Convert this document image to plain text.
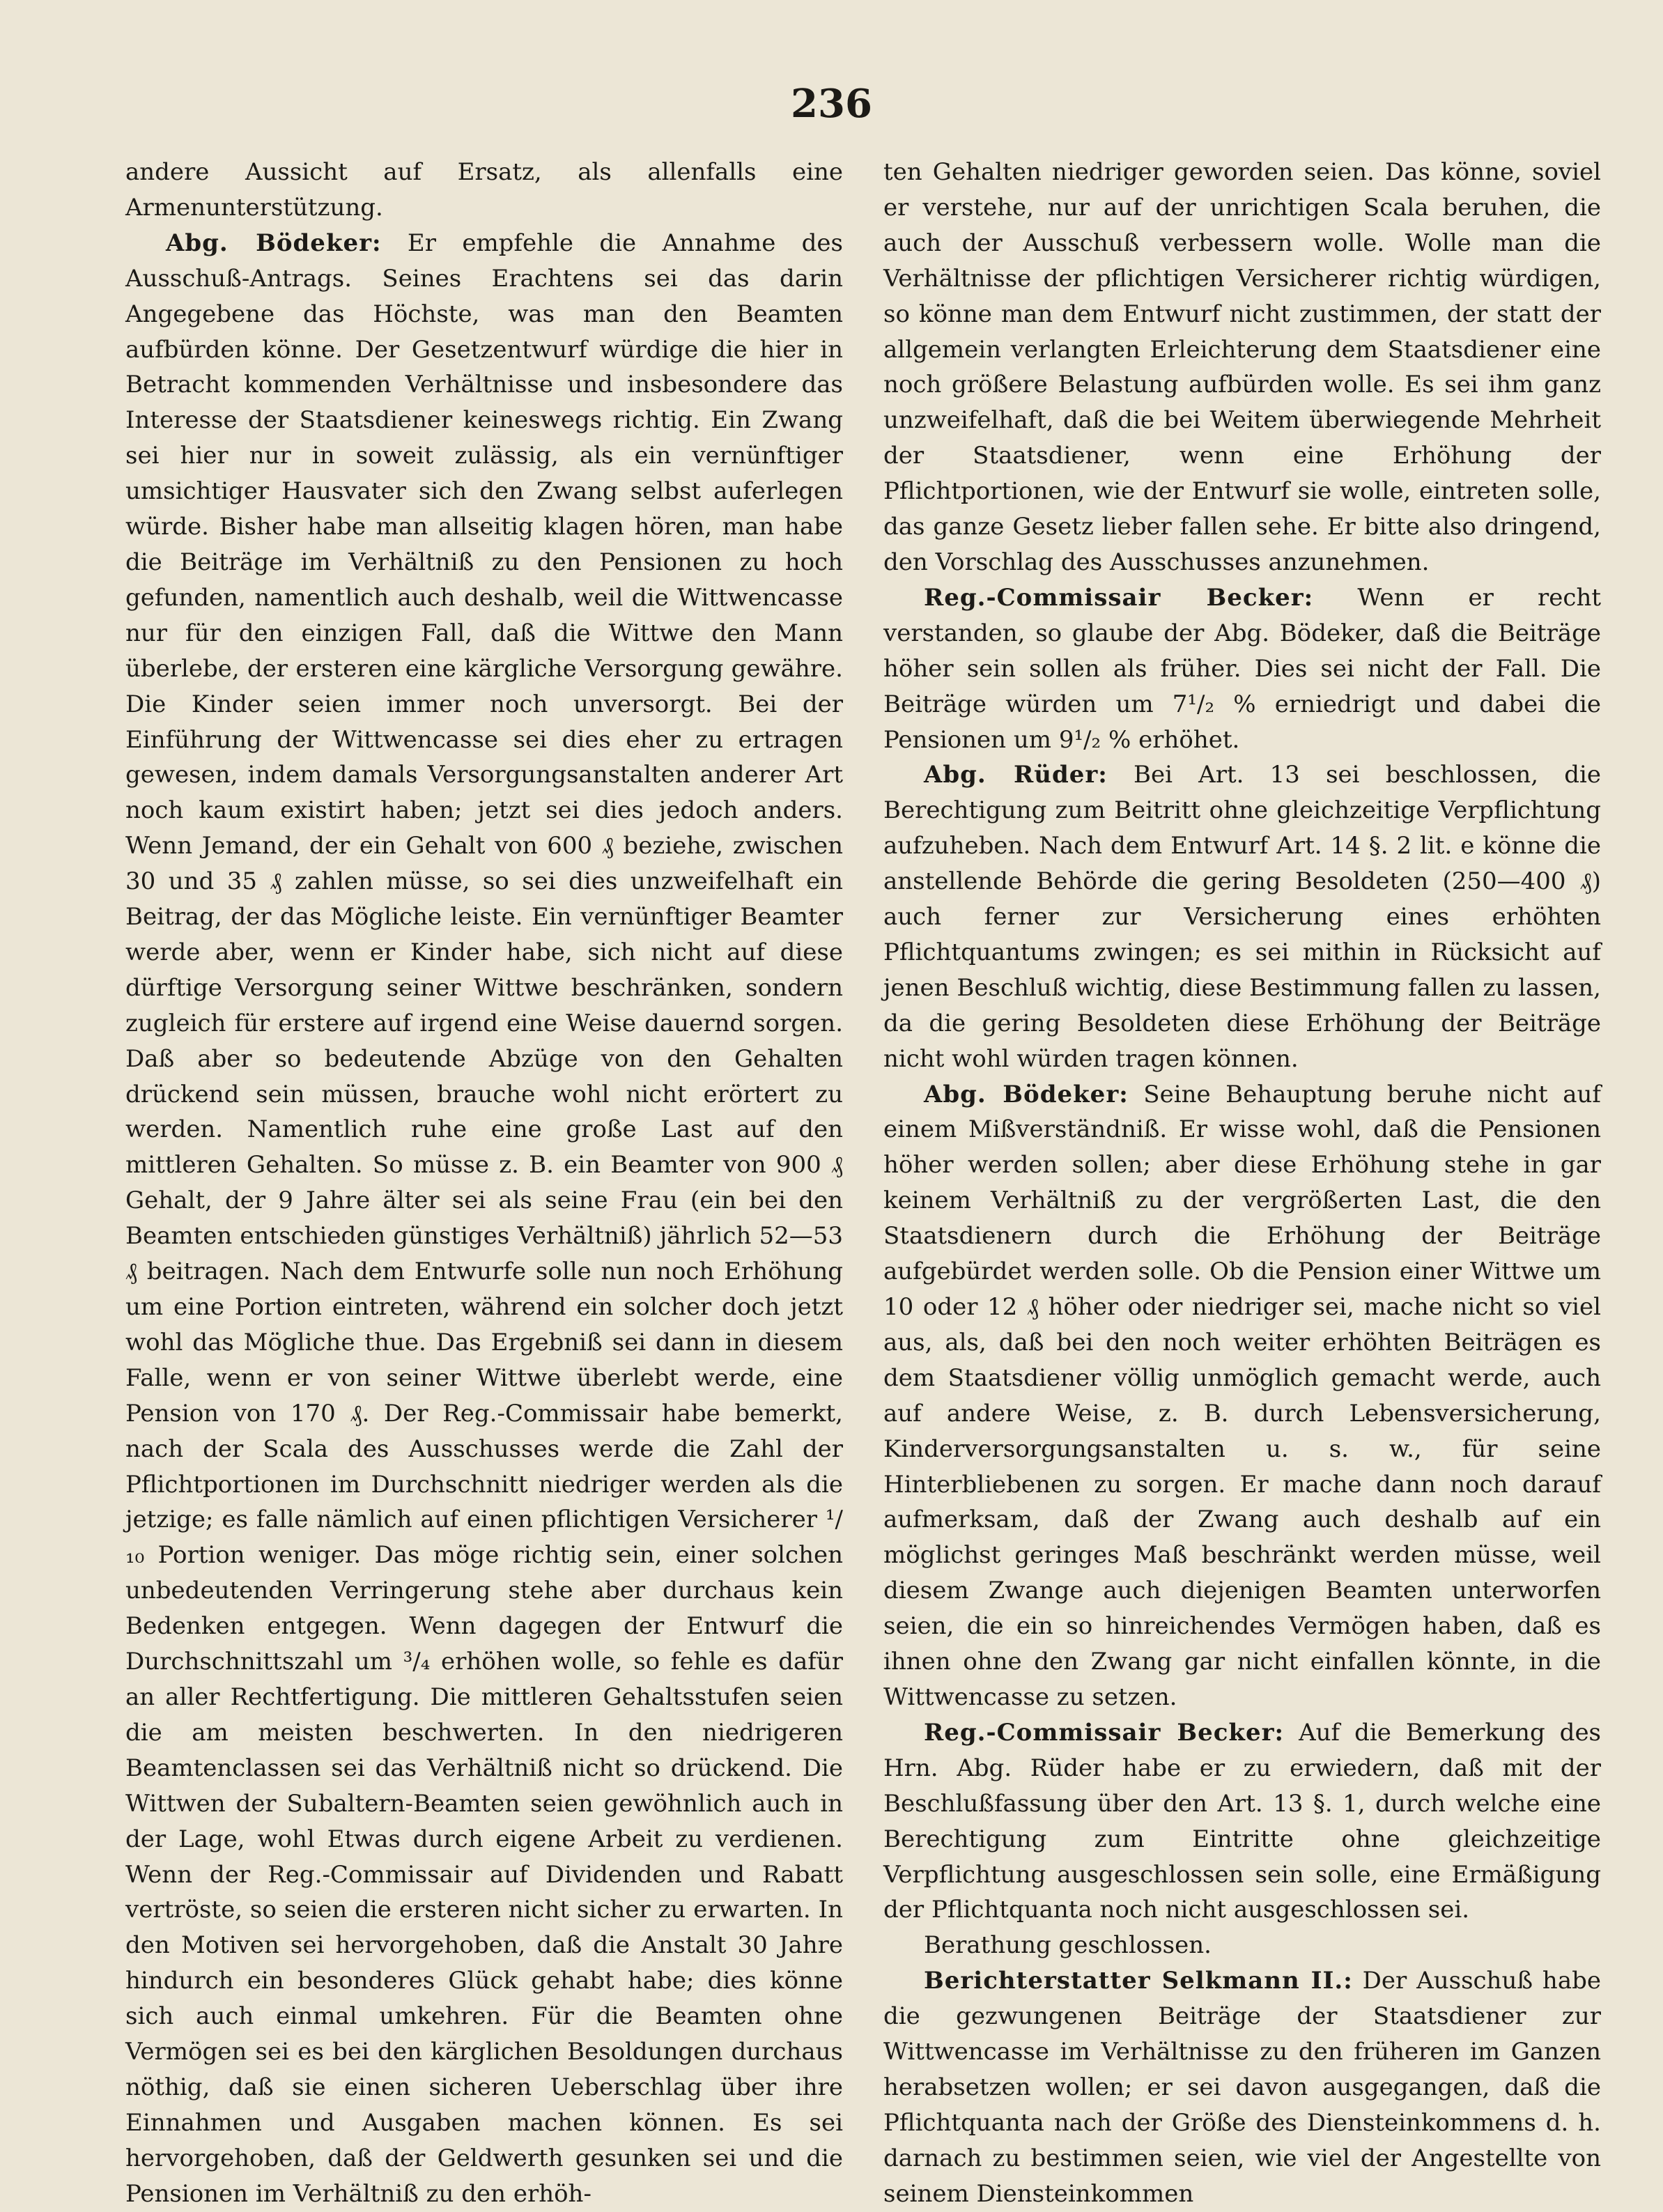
236

andere Aussicht auf Ersatz, als allenfalls eine Armenunterstützung.

Abg. Bödeker: Er empfehle die Annahme des Ausschuß-Antrags. Seines Erachtens sei das darin Angegebene das Höchste, was man den Beamten aufbürden könne. Der Gesetzentwurf würdige die hier in Betracht kommenden Verhältnisse und insbesondere das Interesse der Staatsdiener keineswegs richtig. Ein Zwang sei hier nur in soweit zulässig, als ein vernünftiger umsichtiger Hausvater sich den Zwang selbst auferlegen würde. Bisher habe man allseitig klagen hören, man habe die Beiträge im Verhältniß zu den Pensionen zu hoch gefunden, namentlich auch deshalb, weil die Wittwencasse nur für den einzigen Fall, daß die Wittwe den Mann überlebe, der ersteren eine kärgliche Versorgung gewähre. Die Kinder seien immer noch unversorgt. Bei der Einführung der Wittwencasse sei dies eher zu ertragen gewesen, indem damals Versorgungsanstalten anderer Art noch kaum existirt haben; jetzt sei dies jedoch anders. Wenn Jemand, der ein Gehalt von 600 ₰ beziehe, zwischen 30 und 35 ₰ zahlen müsse, so sei dies unzweifelhaft ein Beitrag, der das Mögliche leiste. Ein vernünftiger Beamter werde aber, wenn er Kinder habe, sich nicht auf diese dürftige Versorgung seiner Wittwe beschränken, sondern zugleich für erstere auf irgend eine Weise dauernd sorgen. Daß aber so bedeutende Abzüge von den Gehalten drückend sein müssen, brauche wohl nicht erörtert zu werden. Namentlich ruhe eine große Last auf den mittleren Gehalten. So müsse z. B. ein Beamter von 900 ₰ Gehalt, der 9 Jahre älter sei als seine Frau (ein bei den Beamten entschieden günstiges Verhältniß) jährlich 52—53 ₰ beitragen. Nach dem Entwurfe solle nun noch Erhöhung um eine Portion eintreten, während ein solcher doch jetzt wohl das Mögliche thue. Das Ergebniß sei dann in diesem Falle, wenn er von seiner Wittwe überlebt werde, eine Pension von 170 ₰. Der Reg.-Commissair habe bemerkt, nach der Scala des Ausschusses werde die Zahl der Pflichtportionen im Durchschnitt niedriger werden als die jetzige; es falle nämlich auf einen pflichtigen Versicherer ¹/₁₀ Portion weniger. Das möge richtig sein, einer solchen unbedeutenden Verringerung stehe aber durchaus kein Bedenken entgegen. Wenn dagegen der Entwurf die Durchschnittszahl um ³/₄ erhöhen wolle, so fehle es dafür an aller Rechtfertigung. Die mittleren Gehaltsstufen seien die am meisten beschwerten. In den niedrigeren Beamtenclassen sei das Verhältniß nicht so drückend. Die Wittwen der Subaltern-Beamten seien gewöhnlich auch in der Lage, wohl Etwas durch eigene Arbeit zu verdienen. Wenn der Reg.-Commissair auf Dividenden und Rabatt vertröste, so seien die ersteren nicht sicher zu erwarten. In den Motiven sei hervorgehoben, daß die Anstalt 30 Jahre hindurch ein besonderes Glück gehabt habe; dies könne sich auch einmal umkehren. Für die Beamten ohne Vermögen sei es bei den kärglichen Besoldungen durchaus nöthig, daß sie einen sicheren Ueberschlag über ihre Einnahmen und Ausgaben machen können. Es sei hervorgehoben, daß der Geldwerth gesunken sei und die Pensionen im Verhältniß zu den erhöh-

ten Gehalten niedriger geworden seien. Das könne, soviel er verstehe, nur auf der unrichtigen Scala beruhen, die auch der Ausschuß verbessern wolle. Wolle man die Verhältnisse der pflichtigen Versicherer richtig würdigen, so könne man dem Entwurf nicht zustimmen, der statt der allgemein verlangten Erleichterung dem Staatsdiener eine noch größere Belastung aufbürden wolle. Es sei ihm ganz unzweifelhaft, daß die bei Weitem überwiegende Mehrheit der Staatsdiener, wenn eine Erhöhung der Pflichtportionen, wie der Entwurf sie wolle, eintreten solle, das ganze Gesetz lieber fallen sehe. Er bitte also dringend, den Vorschlag des Ausschusses anzunehmen.

Reg.-Commissair Becker: Wenn er recht verstanden, so glaube der Abg. Bödeker, daß die Beiträge höher sein sollen als früher. Dies sei nicht der Fall. Die Beiträge würden um 7¹/₂ % erniedrigt und dabei die Pensionen um 9¹/₂ % erhöhet.

Abg. Rüder: Bei Art. 13 sei beschlossen, die Berechtigung zum Beitritt ohne gleichzeitige Verpflichtung aufzuheben. Nach dem Entwurf Art. 14 §. 2 lit. e könne die anstellende Behörde die gering Besoldeten (250—400 ₰) auch ferner zur Versicherung eines erhöhten Pflichtquantums zwingen; es sei mithin in Rücksicht auf jenen Beschluß wichtig, diese Bestimmung fallen zu lassen, da die gering Besoldeten diese Erhöhung der Beiträge nicht wohl würden tragen können.

Abg. Bödeker: Seine Behauptung beruhe nicht auf einem Mißverständniß. Er wisse wohl, daß die Pensionen höher werden sollen; aber diese Erhöhung stehe in gar keinem Verhältniß zu der vergrößerten Last, die den Staatsdienern durch die Erhöhung der Beiträge aufgebürdet werden solle. Ob die Pension einer Wittwe um 10 oder 12 ₰ höher oder niedriger sei, mache nicht so viel aus, als, daß bei den noch weiter erhöhten Beiträgen es dem Staatsdiener völlig unmöglich gemacht werde, auch auf andere Weise, z. B. durch Lebensversicherung, Kinderversorgungsanstalten u. s. w., für seine Hinterbliebenen zu sorgen. Er mache dann noch darauf aufmerksam, daß der Zwang auch deshalb auf ein möglichst geringes Maß beschränkt werden müsse, weil diesem Zwange auch diejenigen Beamten unterworfen seien, die ein so hinreichendes Vermögen haben, daß es ihnen ohne den Zwang gar nicht einfallen könnte, in die Wittwencasse zu setzen.

Reg.-Commissair Becker: Auf die Bemerkung des Hrn. Abg. Rüder habe er zu erwiedern, daß mit der Beschlußfassung über den Art. 13 §. 1, durch welche eine Berechtigung zum Eintritte ohne gleichzeitige Verpflichtung ausgeschlossen sein solle, eine Ermäßigung der Pflichtquanta noch nicht ausgeschlossen sei.

Berathung geschlossen.

Berichterstatter Selkmann II.: Der Ausschuß habe die gezwungenen Beiträge der Staatsdiener zur Wittwencasse im Verhältnisse zu den früheren im Ganzen herabsetzen wollen; er sei davon ausgegangen, daß die Pflichtquanta nach der Größe des Diensteinkommens d. h. darnach zu bestimmen seien, wie viel der Angestellte von seinem Diensteinkommen
